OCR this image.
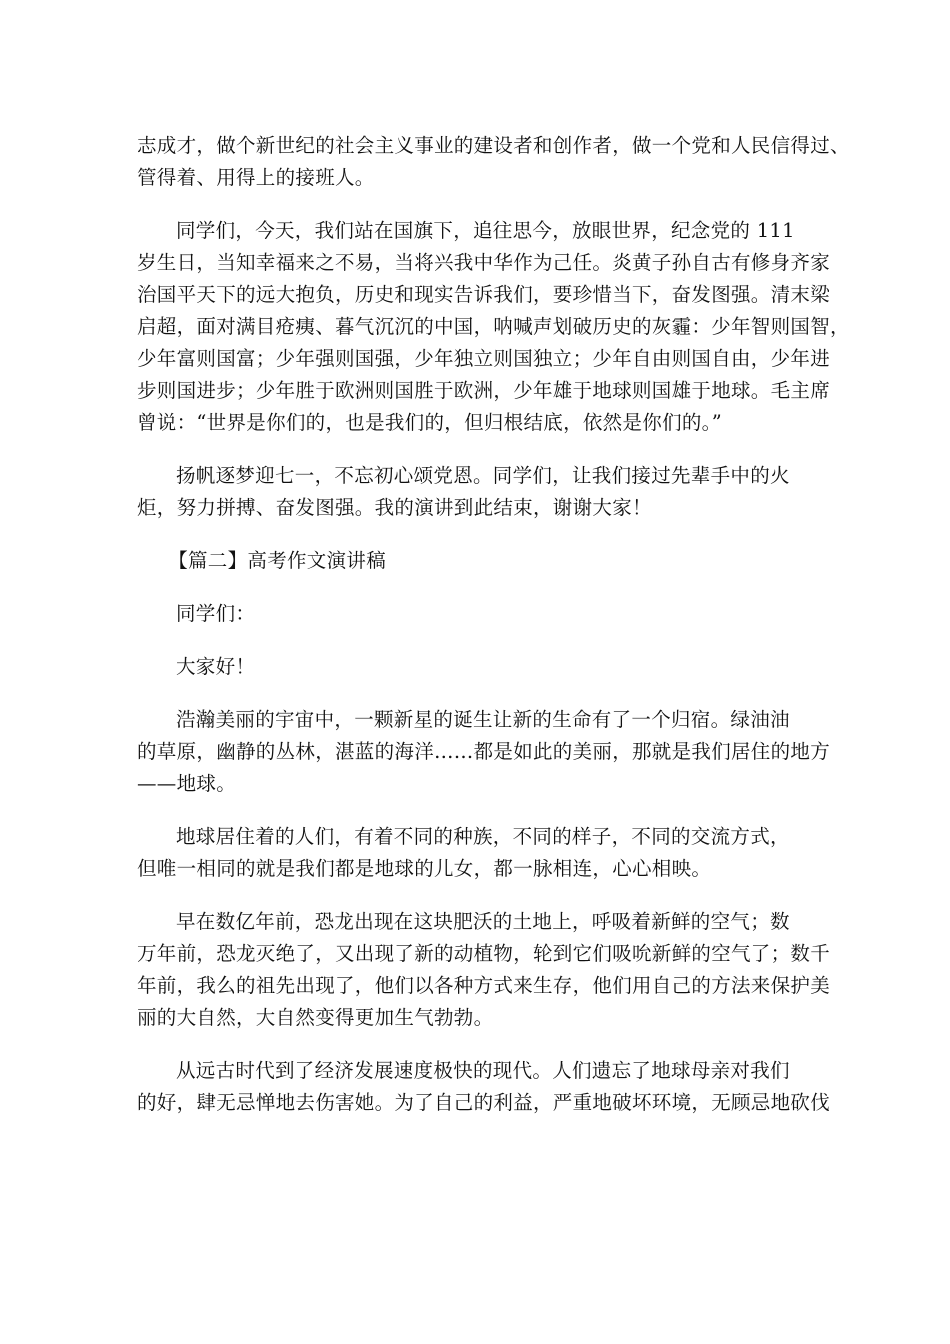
志成才，做个新世纪的社会主义事业的建设者和创作者，做一个党和人民信得过、
管得着、用得上的接班人。

同学们，今天，我们站在国旗下，追往思今，放眼世界，纪念党的 111
岁生日，当知幸福来之不易，当将兴我中华作为己任。炎黄子孙自古有修身齐家
治国平天下的远大抱负，历史和现实告诉我们，要珍惜当下，奋发图强。清末梁
启超，面对满目疮痍、暮气沉沉的中国，呐喊声划破历史的灰霾：少年智则国智，
少年富则国富；少年强则国强，少年独立则国独立；少年自由则国自由，少年进
步则国进步；少年胜于欧洲则国胜于欧洲，少年雄于地球则国雄于地球。毛主席
曾说：“世界是你们的，也是我们的，但归根结底，依然是你们的。”

扬帆逐梦迎七一，不忘初心颂党恩。同学们，让我们接过先辈手中的火
炬，努力拼搏、奋发图强。我的演讲到此结束，谢谢大家！

【篇二】高考作文演讲稿

同学们：

大家好！

浩瀚美丽的宇宙中，一颗新星的诞生让新的生命有了一个归宿。绿油油
的草原，幽静的丛林，湛蓝的海洋……都是如此的美丽，那就是我们居住的地方
——地球。

地球居住着的人们，有着不同的种族，不同的样子，不同的交流方式，
但唯一相同的就是我们都是地球的儿女，都一脉相连，心心相映。

早在数亿年前，恐龙出现在这块肥沃的土地上，呼吸着新鲜的空气；数
万年前，恐龙灭绝了，又出现了新的动植物，轮到它们吸吮新鲜的空气了；数千
年前，我么的祖先出现了，他们以各种方式来生存，他们用自己的方法来保护美
丽的大自然，大自然变得更加生气勃勃。

从远古时代到了经济发展速度极快的现代。人们遗忘了地球母亲对我们
的好，肆无忌惮地去伤害她。为了自己的利益，严重地破坏环境，无顾忌地砍伐
